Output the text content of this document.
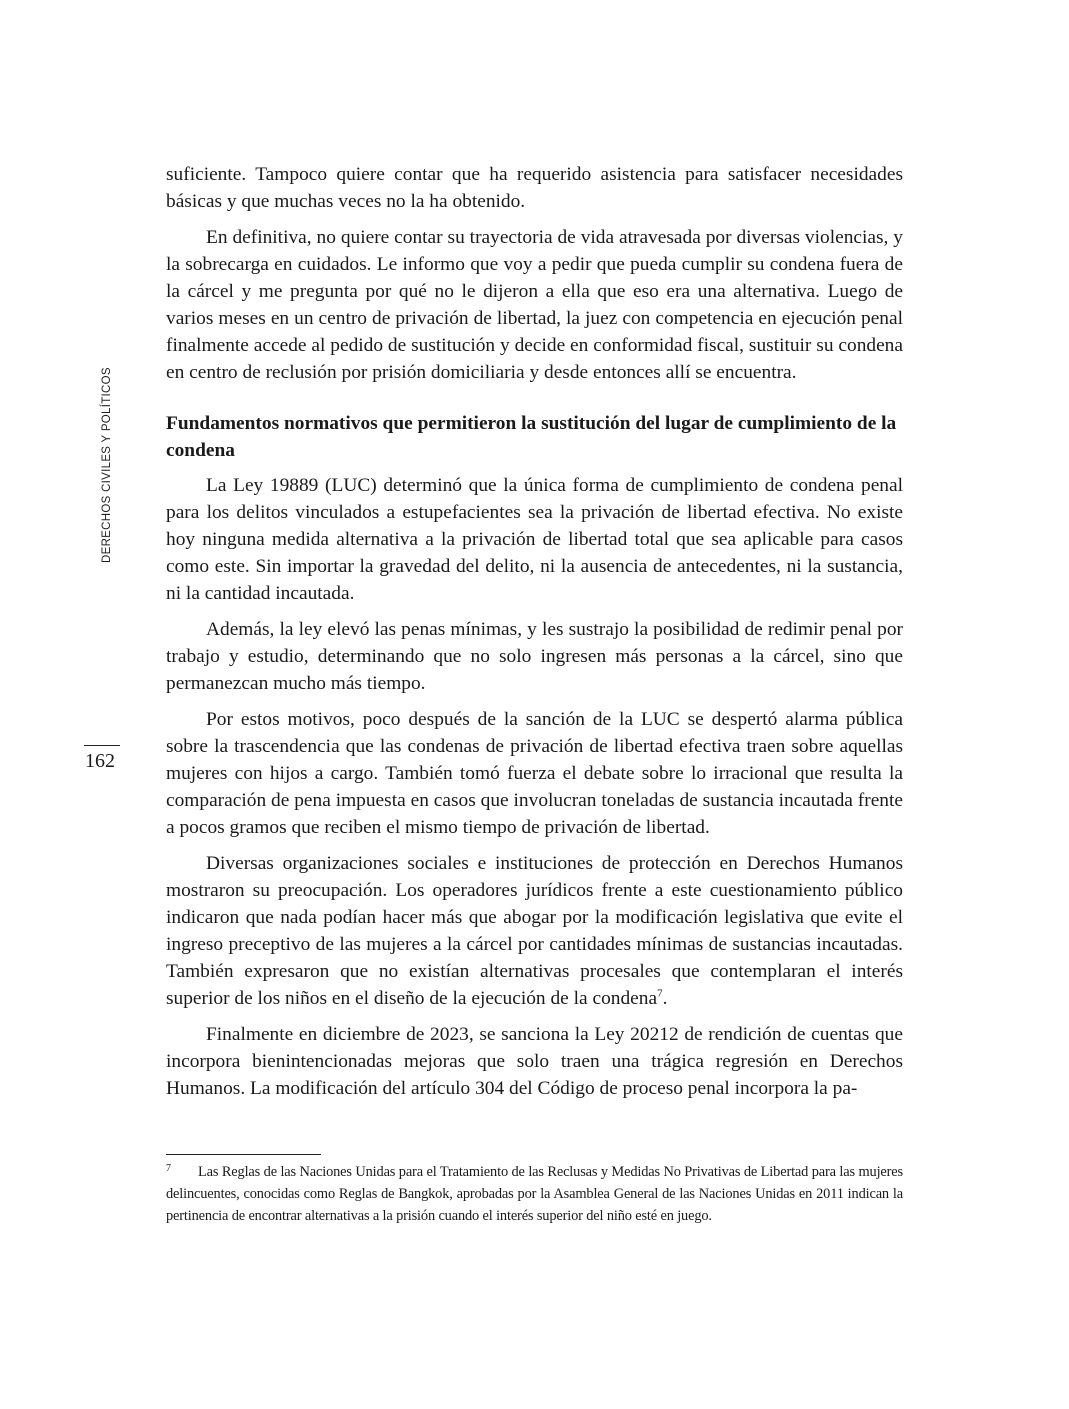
DERECHOS CIVILES Y POLÍTICOS
162

suficiente. Tampoco quiere contar que ha requerido asistencia para satisfacer necesidades básicas y que muchas veces no la ha obtenido.

En definitiva, no quiere contar su trayectoria de vida atravesada por diversas violencias, y la sobrecarga en cuidados. Le informo que voy a pedir que pueda cumplir su condena fuera de la cárcel y me pregunta por qué no le dijeron a ella que eso era una alternativa. Luego de varios meses en un centro de privación de libertad, la juez con competencia en ejecución penal finalmente accede al pedido de sustitución y decide en conformidad fiscal, sustituir su condena en centro de reclusión por prisión domiciliaria y desde entonces allí se encuentra.

Fundamentos normativos que permitieron la sustitución del lugar de cumplimiento de la condena

La Ley 19889 (LUC) determinó que la única forma de cumplimiento de condena penal para los delitos vinculados a estupefacientes sea la privación de libertad efectiva. No existe hoy ninguna medida alternativa a la privación de libertad total que sea aplicable para casos como este. Sin importar la gravedad del delito, ni la ausencia de antecedentes, ni la sustancia, ni la cantidad incautada.

Además, la ley elevó las penas mínimas, y les sustrajo la posibilidad de redimir penal por trabajo y estudio, determinando que no solo ingresen más personas a la cárcel, sino que permanezcan mucho más tiempo.

Por estos motivos, poco después de la sanción de la LUC se despertó alarma pública sobre la trascendencia que las condenas de privación de libertad efectiva traen sobre aquellas mujeres con hijos a cargo. También tomó fuerza el debate sobre lo irracional que resulta la comparación de pena impuesta en casos que involucran toneladas de sustancia incautada frente a pocos gramos que reciben el mismo tiempo de privación de libertad.

Diversas organizaciones sociales e instituciones de protección en Derechos Humanos mostraron su preocupación. Los operadores jurídicos frente a este cuestionamiento público indicaron que nada podían hacer más que abogar por la modificación legislativa que evite el ingreso preceptivo de las mujeres a la cárcel por cantidades mínimas de sustancias incautadas. También expresaron que no existían alternativas procesales que contemplaran el interés superior de los niños en el diseño de la ejecución de la condena$^7$.

Finalmente en diciembre de 2023, se sanciona la Ley 20212 de rendición de cuentas que incorpora bienintencionadas mejoras que solo traen una trágica regresión en Derechos Humanos. La modificación del artículo 304 del Código de proceso penal incorpora la pa-

7 Las Reglas de las Naciones Unidas para el Tratamiento de las Reclusas y Medidas No Privativas de Libertad para las mujeres delincuentes, conocidas como Reglas de Bangkok, aprobadas por la Asamblea General de las Naciones Unidas en 2011 indican la pertinencia de encontrar alternativas a la prisión cuando el interés superior del niño esté en juego.
